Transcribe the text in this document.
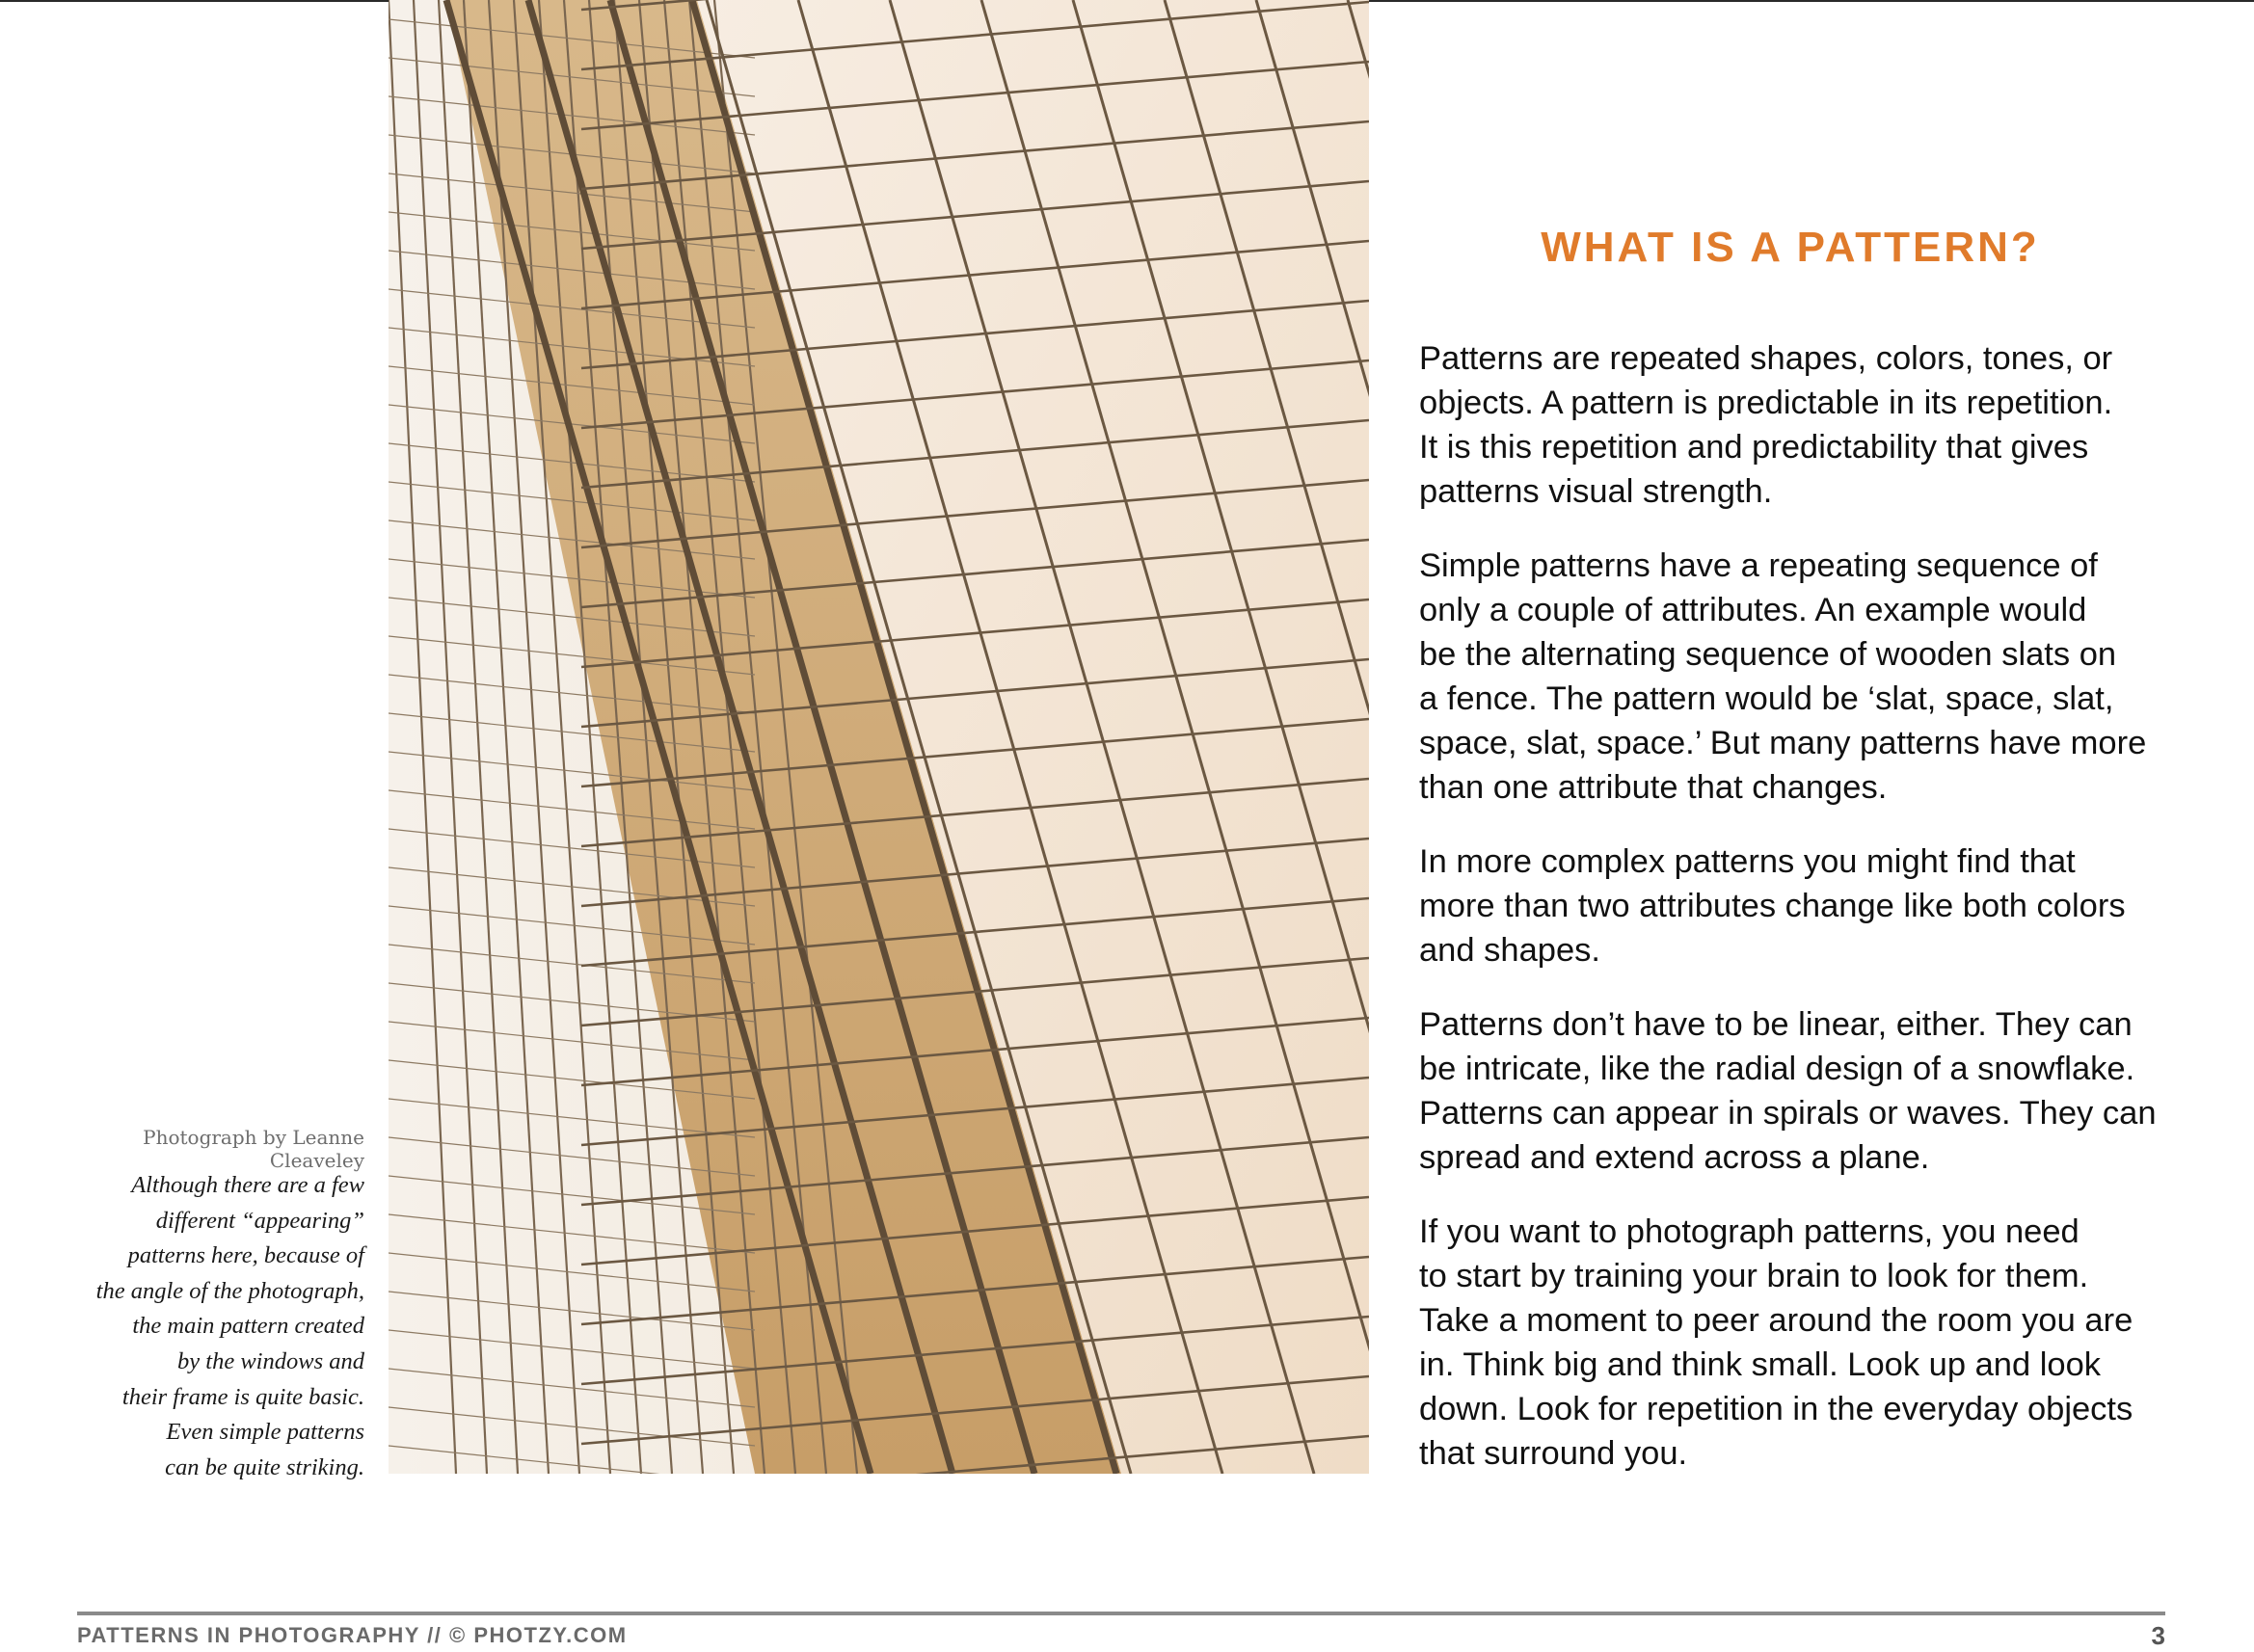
Photograph by Leanne Cleaveley
Although there are a few
different “appearing”
patterns here, because of
the angle of the photograph,
the main pattern created
by the windows and
their frame is quite basic.
Even simple patterns
can be quite striking.
WHAT IS A PATTERN?
Patterns are repeated shapes, colors, tones, or
objects. A pattern is predictable in its repetition.
It is this repetition and predictability that gives
patterns visual strength.
Simple patterns have a repeating sequence of
only a couple of attributes. An example would
be the alternating sequence of wooden slats on
a fence. The pattern would be ‘slat, space, slat,
space, slat, space.’ But many patterns have more
than one attribute that changes.
In more complex patterns you might find that
more than two attributes change like both colors
and shapes.
Patterns don’t have to be linear, either. They can
be intricate, like the radial design of a snowflake.
Patterns can appear in spirals or waves. They can
spread and extend across a plane.
If you want to photograph patterns, you need
to start by training your brain to look for them.
Take a moment to peer around the room you are
in. Think big and think small. Look up and look
down. Look for repetition in the everyday objects
that surround you.
PATTERNS IN PHOTOGRAPHY // © PHOTZY.COM	3
